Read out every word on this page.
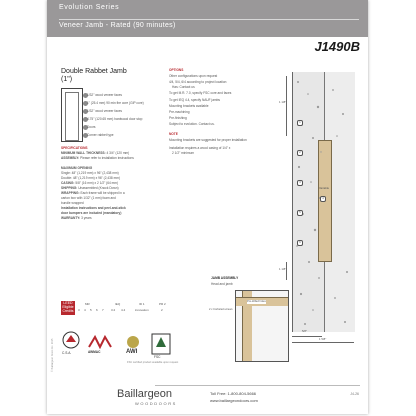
Evolution Series
Veneer Jamb - Rated (90 minutes)
J1490B
Double Rabbet Jamb
(1")
1/32" wood veneer faces
1" (25.4 mm) 90 min fire core (GIP core)
1/32" wood veneer faces
4.75" (120.65 mm) hardwood door stop
Doors
Corner rabbet type
SPECIFICATIONS
MINIMUM WALL THICKNESS: 4 3/4" (120 mm)
ASSEMBLY: Please refer to installation instructions
MAXIMUM OPENING
Single: 48" (1,219 mm) x 96" (2,438 mm)
Double: 48" (1,219 mm) x 96" (2,438 mm)
CASING: 5/8" (16 mm) x 2 1/2" (64 mm)
SHIPPING: Unassembled (Knock Down)
WRAPPING: Each frame will be shipped in a
carton box with 1/32" (1 mm) foam and
bundle wrapped
Installation instructions and peel-and-stick
door bumpers are included (mandatory)
WARRANTY: 3 years
OPTIONS
Other configurations upon request
4/4, 5/4, 6/4 according to project location
Has: Contact us
To get M.R. 7.0, specify FSC core and faces
To get IEQ 4.4, specify NAUF jambs
Mounting brackets available
Pre-machining
Pre-finishing
Subject to evolution. Contact us.
NOTE
Mounting brackets are suggested for proper installation
Installation requires a wood casing of 1/4" x
2 1/2" minimum
LEED
Eligible
Credits
MR	IEQ	ID 1	PR 2
3 4 5 6 7 3.2 4.4	innovation	2
AWMAC	AWI
FSC
C.S.A.
FSC certified product available upon request
1
2
3
4
5
6
1 1/8"
1 1/8"
Variable
5/8"
1 5/8"
JAMB ASSEMBLY
Head and jamb
2 x Corbeled screws
Pre-drilled holes
Baillargeon
WOODDOORS
Toll Free: 1-800-804-5666
www.baillargeondoors.com
J4-26
© Baillargeon Doors Inc. 2015
